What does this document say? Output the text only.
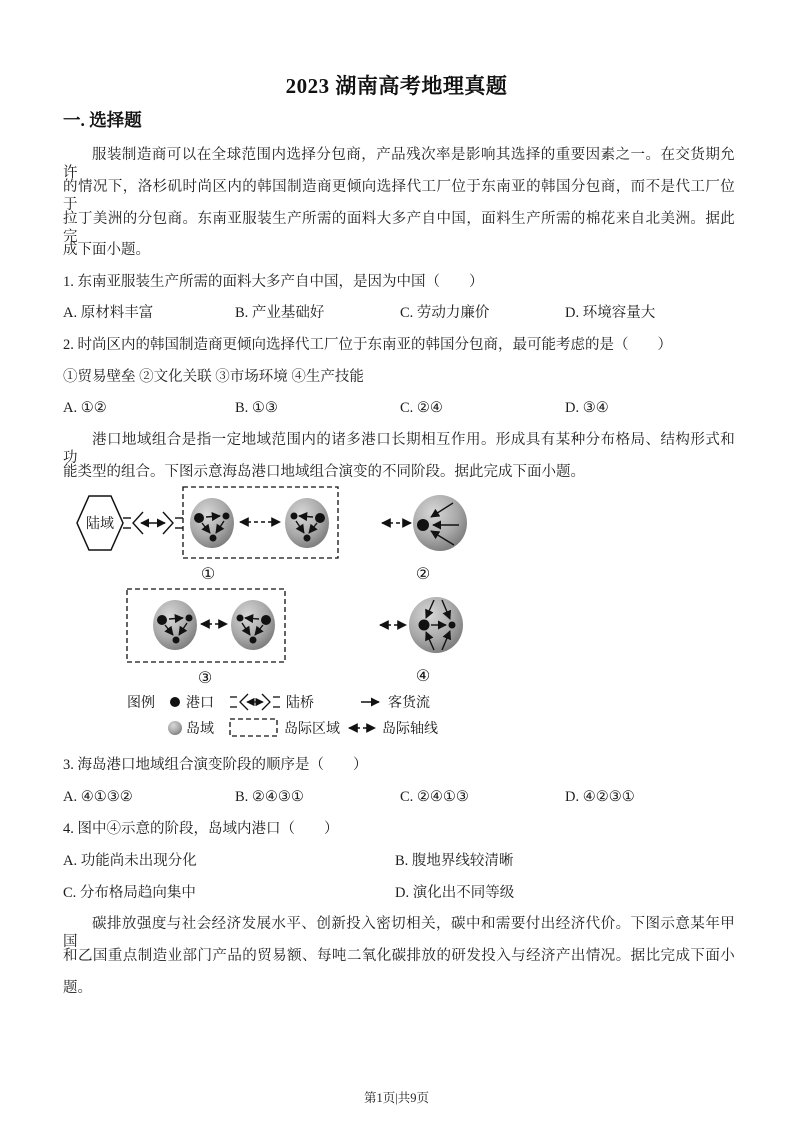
2023 湖南高考地理真题
一. 选择题
服装制造商可以在全球范围内选择分包商，产品残次率是影响其选择的重要因素之一。在交货期允许
的情况下，洛杉矶时尚区内的韩国制造商更倾向选择代工厂位于东南亚的韩国分包商，而不是代工厂位于
拉丁美洲的分包商。东南亚服装生产所需的面料大多产自中国，面料生产所需的棉花来自北美洲。据此完
成下面小题。
1. 东南亚服装生产所需的面料大多产自中国，是因为中国（　　）
A. 原材料丰富	B. 产业基础好	C. 劳动力廉价	D. 环境容量大
2. 时尚区内的韩国制造商更倾向选择代工厂位于东南亚的韩国分包商，最可能考虑的是（　　）
①贸易壁垒 ②文化关联 ③市场环境 ④生产技能
A. ①②	B. ①③	C. ②④	D. ③④
港口地域组合是指一定地域范围内的诸多港口长期相互作用。形成具有某种分布格局、结构形式和功
能类型的组合。下图示意海岛港口地域组合演变的不同阶段。据此完成下面小题。
陆域
①	②
③	④
图例 港口	陆桥	客货流
岛域	岛际区域	岛际轴线
3. 海岛港口地域组合演变阶段的顺序是（　　）
A. ④①③②	B. ②④③①	C. ②④①③	D. ④②③①
4. 图中④示意的阶段，岛域内港口（　　）
A. 功能尚未出现分化	B. 腹地界线较清晰
C. 分布格局趋向集中	D. 演化出不同等级
碳排放强度与社会经济发展水平、创新投入密切相关，碳中和需要付出经济代价。下图示意某年甲国
和乙国重点制造业部门产品的贸易额、每吨二氧化碳排放的研发投入与经济产出情况。据比完成下面小
题。
第1页|共9页
